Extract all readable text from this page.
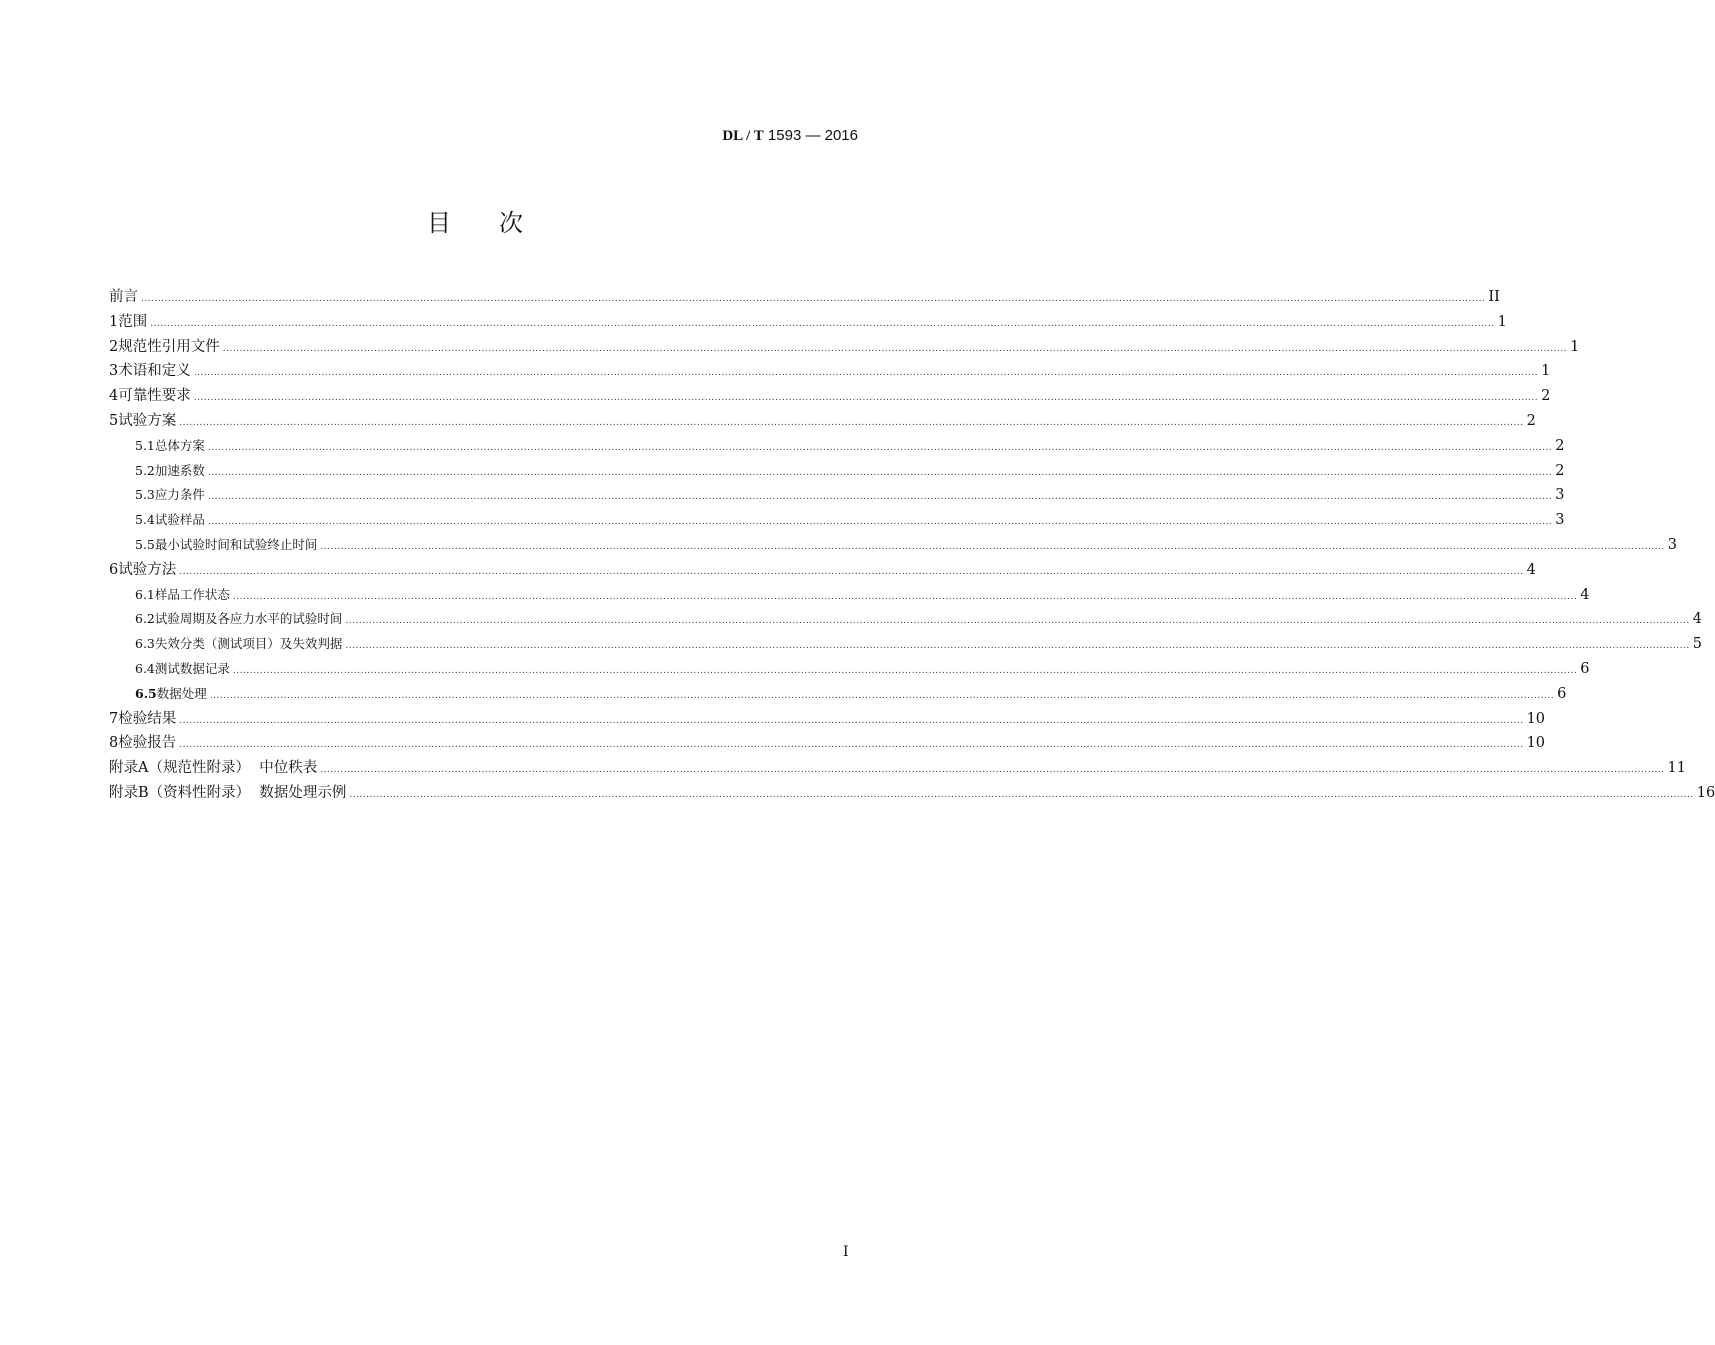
DL / T 1593 — 2016
目次
前言 ................................................................................................................................................................................................................................................................................................................................................................................................................ II
1 范围 ................................................................................................................................................................................................................................................................................................................................................................................................................ 1
2 规范性引用文件 ................................................................................................................................................................................................................................................................................................................................................................................................................ 1
3 术语和定义 ................................................................................................................................................................................................................................................................................................................................................................................................................ 1
4 可靠性要求 ................................................................................................................................................................................................................................................................................................................................................................................................................ 2
5 试验方案 ................................................................................................................................................................................................................................................................................................................................................................................................................ 2
5.1 总体方案 ................................................................................................................................................................................................................................................................................................................................................................................................................ 2
5.2 加速系数 ................................................................................................................................................................................................................................................................................................................................................................................................................ 2
5.3 应力条件 ................................................................................................................................................................................................................................................................................................................................................................................................................ 3
5.4 试验样品 ................................................................................................................................................................................................................................................................................................................................................................................................................ 3
5.5 最小试验时间和试验终止时间 ................................................................................................................................................................................................................................................................................................................................................................................................................ 3
6 试验方法 ................................................................................................................................................................................................................................................................................................................................................................................................................ 4
6.1 样品工作状态 ................................................................................................................................................................................................................................................................................................................................................................................................................ 4
6.2 试验周期及各应力水平的试验时间 ................................................................................................................................................................................................................................................................................................................................................................................................................ 4
6.3 失效分类（测试项目）及失效判据 ................................................................................................................................................................................................................................................................................................................................................................................................................ 5
6.4 测试数据记录 ................................................................................................................................................................................................................................................................................................................................................................................................................ 6
6.5 数据处理 ................................................................................................................................................................................................................................................................................................................................................................................................................ 6
7 检验结果 ................................................................................................................................................................................................................................................................................................................................................................................................................ 10
8 检验报告 ................................................................................................................................................................................................................................................................................................................................................................................................................ 10
附录A（规范性附录）  中位秩表 ................................................................................................................................................................................................................................................................................................................................................................................................................ 11
附录B（资料性附录）  数据处理示例 ................................................................................................................................................................................................................................................................................................................................................................................................................ 16
I
